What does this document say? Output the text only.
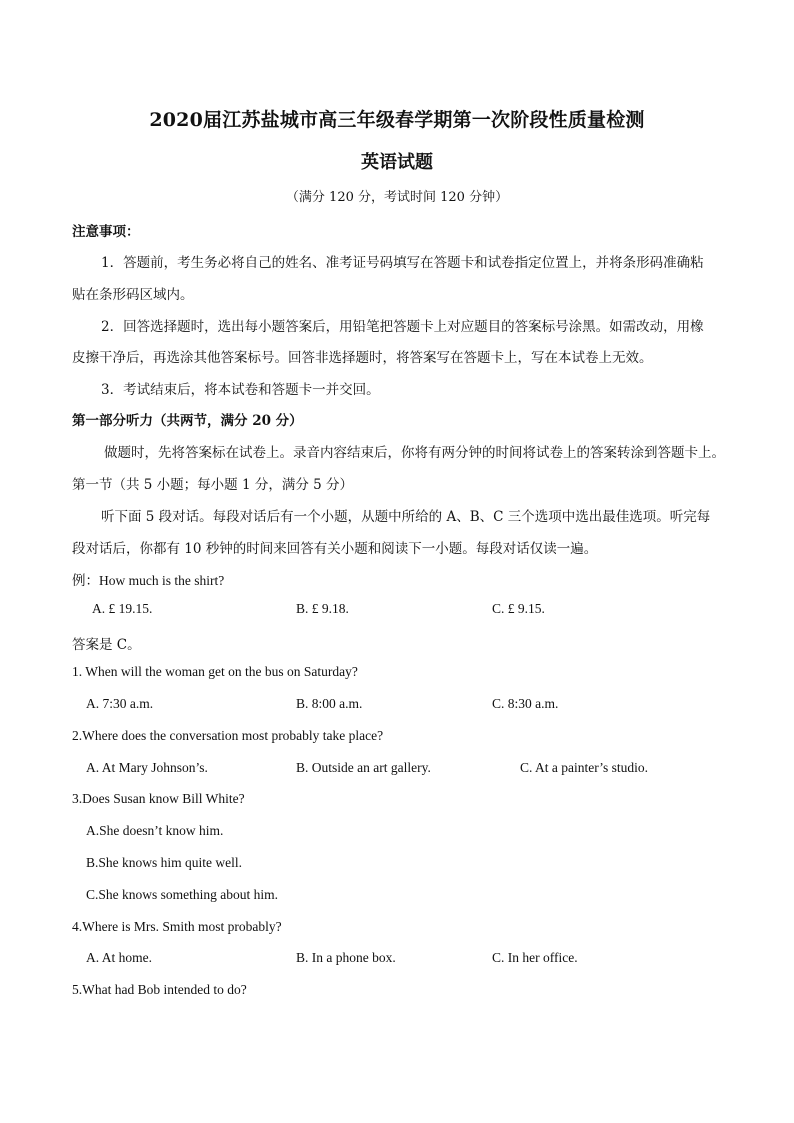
2020届江苏盐城市高三年级春学期第一次阶段性质量检测
英语试题
（满分 120 分，考试时间 120 分钟）
注意事项：
1．答题前，考生务必将自己的姓名、准考证号码填写在答题卡和试卷指定位置上，并将条形码准确粘
贴在条形码区域内。
2．回答选择题时，选出每小题答案后，用铅笔把答题卡上对应题目的答案标号涂黑。如需改动，用橡
皮擦干净后，再选涂其他答案标号。回答非选择题时，将答案写在答题卡上，写在本试卷上无效。
3．考试结束后，将本试卷和答题卡一并交回。
第一部分听力（共两节，满分 20 分）
做题时，先将答案标在试卷上。录音内容结束后，你将有两分钟的时间将试卷上的答案转涂到答题卡上。
第一节（共 5 小题；每小题 1 分，满分 5 分）
听下面 5 段对话。每段对话后有一个小题，从题中所给的 A、B、C 三个选项中选出最佳选项。听完每
段对话后，你都有 10 秒钟的时间来回答有关小题和阅读下一小题。每段对话仅读一遍。
例：How much is the shirt?
A. £ 19.15.	B. £ 9.18.	C. £ 9.15.
答案是 C。
1. When will the woman get on the bus on Saturday?
A. 7:30 a.m.	B. 8:00 a.m.	C. 8:30 a.m.
2.Where does the conversation most probably take place?
A. At Mary Johnson’s.	B. Outside an art gallery.	C. At a painter’s studio.
3.Does Susan know Bill White?
A.She doesn’t know him.
B.She knows him quite well.
C.She knows something about him.
4.Where is Mrs. Smith most probably?
A. At home.	B. In a phone box.	C. In her office.
5.What had Bob intended to do?
